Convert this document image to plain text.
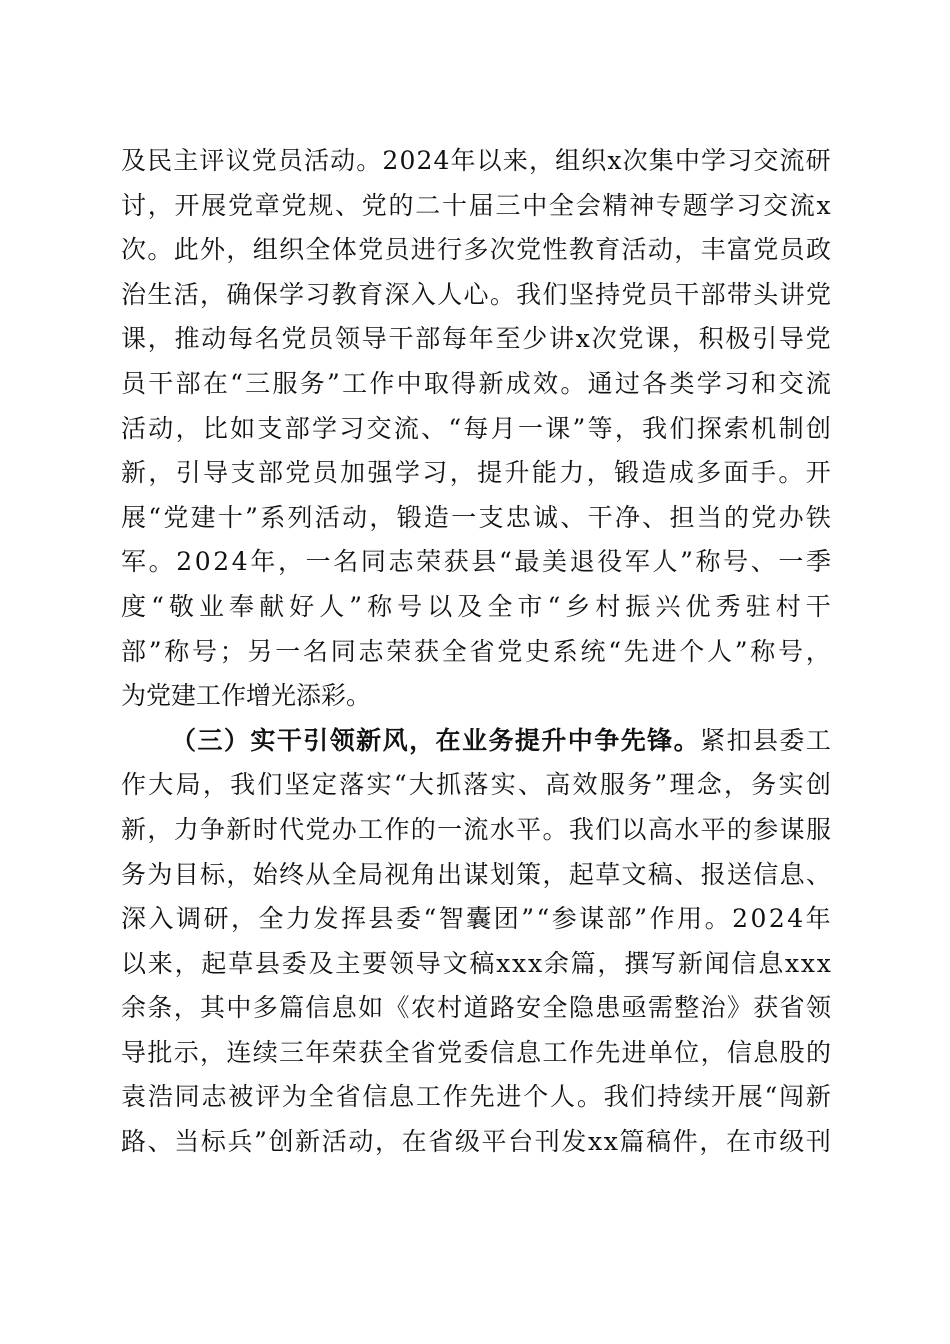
及 民 主 评 议 党 员 活 动 。 2 0 2 4 年 以 来 ， 组 织 x 次 集 中 学 习 交 流 研
讨 ， 开 展 党 章 党 规 、 党 的 二 十 届 三 中 全 会 精 神 专 题 学 习 交 流 x
次 。 此 外 ， 组 织 全 体 党 员 进 行 多 次 党 性 教 育 活 动 ， 丰 富 党 员 政
治 生 活 ， 确 保 学 习 教 育 深 入 人 心 。 我 们 坚 持 党 员 干 部 带 头 讲 党
课 ， 推 动 每 名 党 员 领 导 干 部 每 年 至 少 讲 x 次 党 课 ， 积 极 引 导 党
员 干 部 在 “ 三 服 务 ” 工 作 中 取 得 新 成 效 。 通 过 各 类 学 习 和 交 流
活 动 ， 比 如 支 部 学 习 交 流 、 “ 每 月 一 课 ” 等 ， 我 们 探 索 机 制 创
新 ， 引 导 支 部 党 员 加 强 学 习 ， 提 升 能 力 ， 锻 造 成 多 面 手 。 开
展 “ 党 建 十 ” 系 列 活 动 ， 锻 造 一 支 忠 诚 、 干 净 、 担 当 的 党 办 铁
军 。 2 0 2 4 年 ， 一 名 同 志 荣 获 县 “ 最 美 退 役 军 人 ” 称 号 、 一 季
度 “ 敬 业 奉 献 好 人 ” 称 号 以 及 全 市 “ 乡 村 振 兴 优 秀 驻 村 干
部 ” 称 号 ； 另 一 名 同 志 荣 获 全 省 党 史 系 统 “ 先 进 个 人 ” 称 号 ，
为党建工作增光添彩。
（ 三 ） 实 干 引 领 新 风 ， 在 业 务 提 升 中 争 先 锋 。 紧 扣 县 委 工
作 大 局 ， 我 们 坚 定 落 实 “ 大 抓 落 实 、 高 效 服 务 ” 理 念 ， 务 实 创
新 ， 力 争 新 时 代 党 办 工 作 的 一 流 水 平 。 我 们 以 高 水 平 的 参 谋 服
务 为 目 标 ， 始 终 从 全 局 视 角 出 谋 划 策 ， 起 草 文 稿 、 报 送 信 息 、
深 入 调 研 ， 全 力 发 挥 县 委 “ 智 囊 团 ” “ 参 谋 部 ” 作 用 。 2 0 2 4 年
以 来 ， 起 草 县 委 及 主 要 领 导 文 稿 x x x 余 篇 ， 撰 写 新 闻 信 息 x x x
余 条 ， 其 中 多 篇 信 息 如 《 农 村 道 路 安 全 隐 患 亟 需 整 治 》 获 省 领
导 批 示 ， 连 续 三 年 荣 获 全 省 党 委 信 息 工 作 先 进 单 位 ， 信 息 股 的
袁 浩 同 志 被 评 为 全 省 信 息 工 作 先 进 个 人 。 我 们 持 续 开 展 “ 闯 新
路 、 当 标 兵 ” 创 新 活 动 ， 在 省 级 平 台 刊 发 x x 篇 稿 件 ， 在 市 级 刊
